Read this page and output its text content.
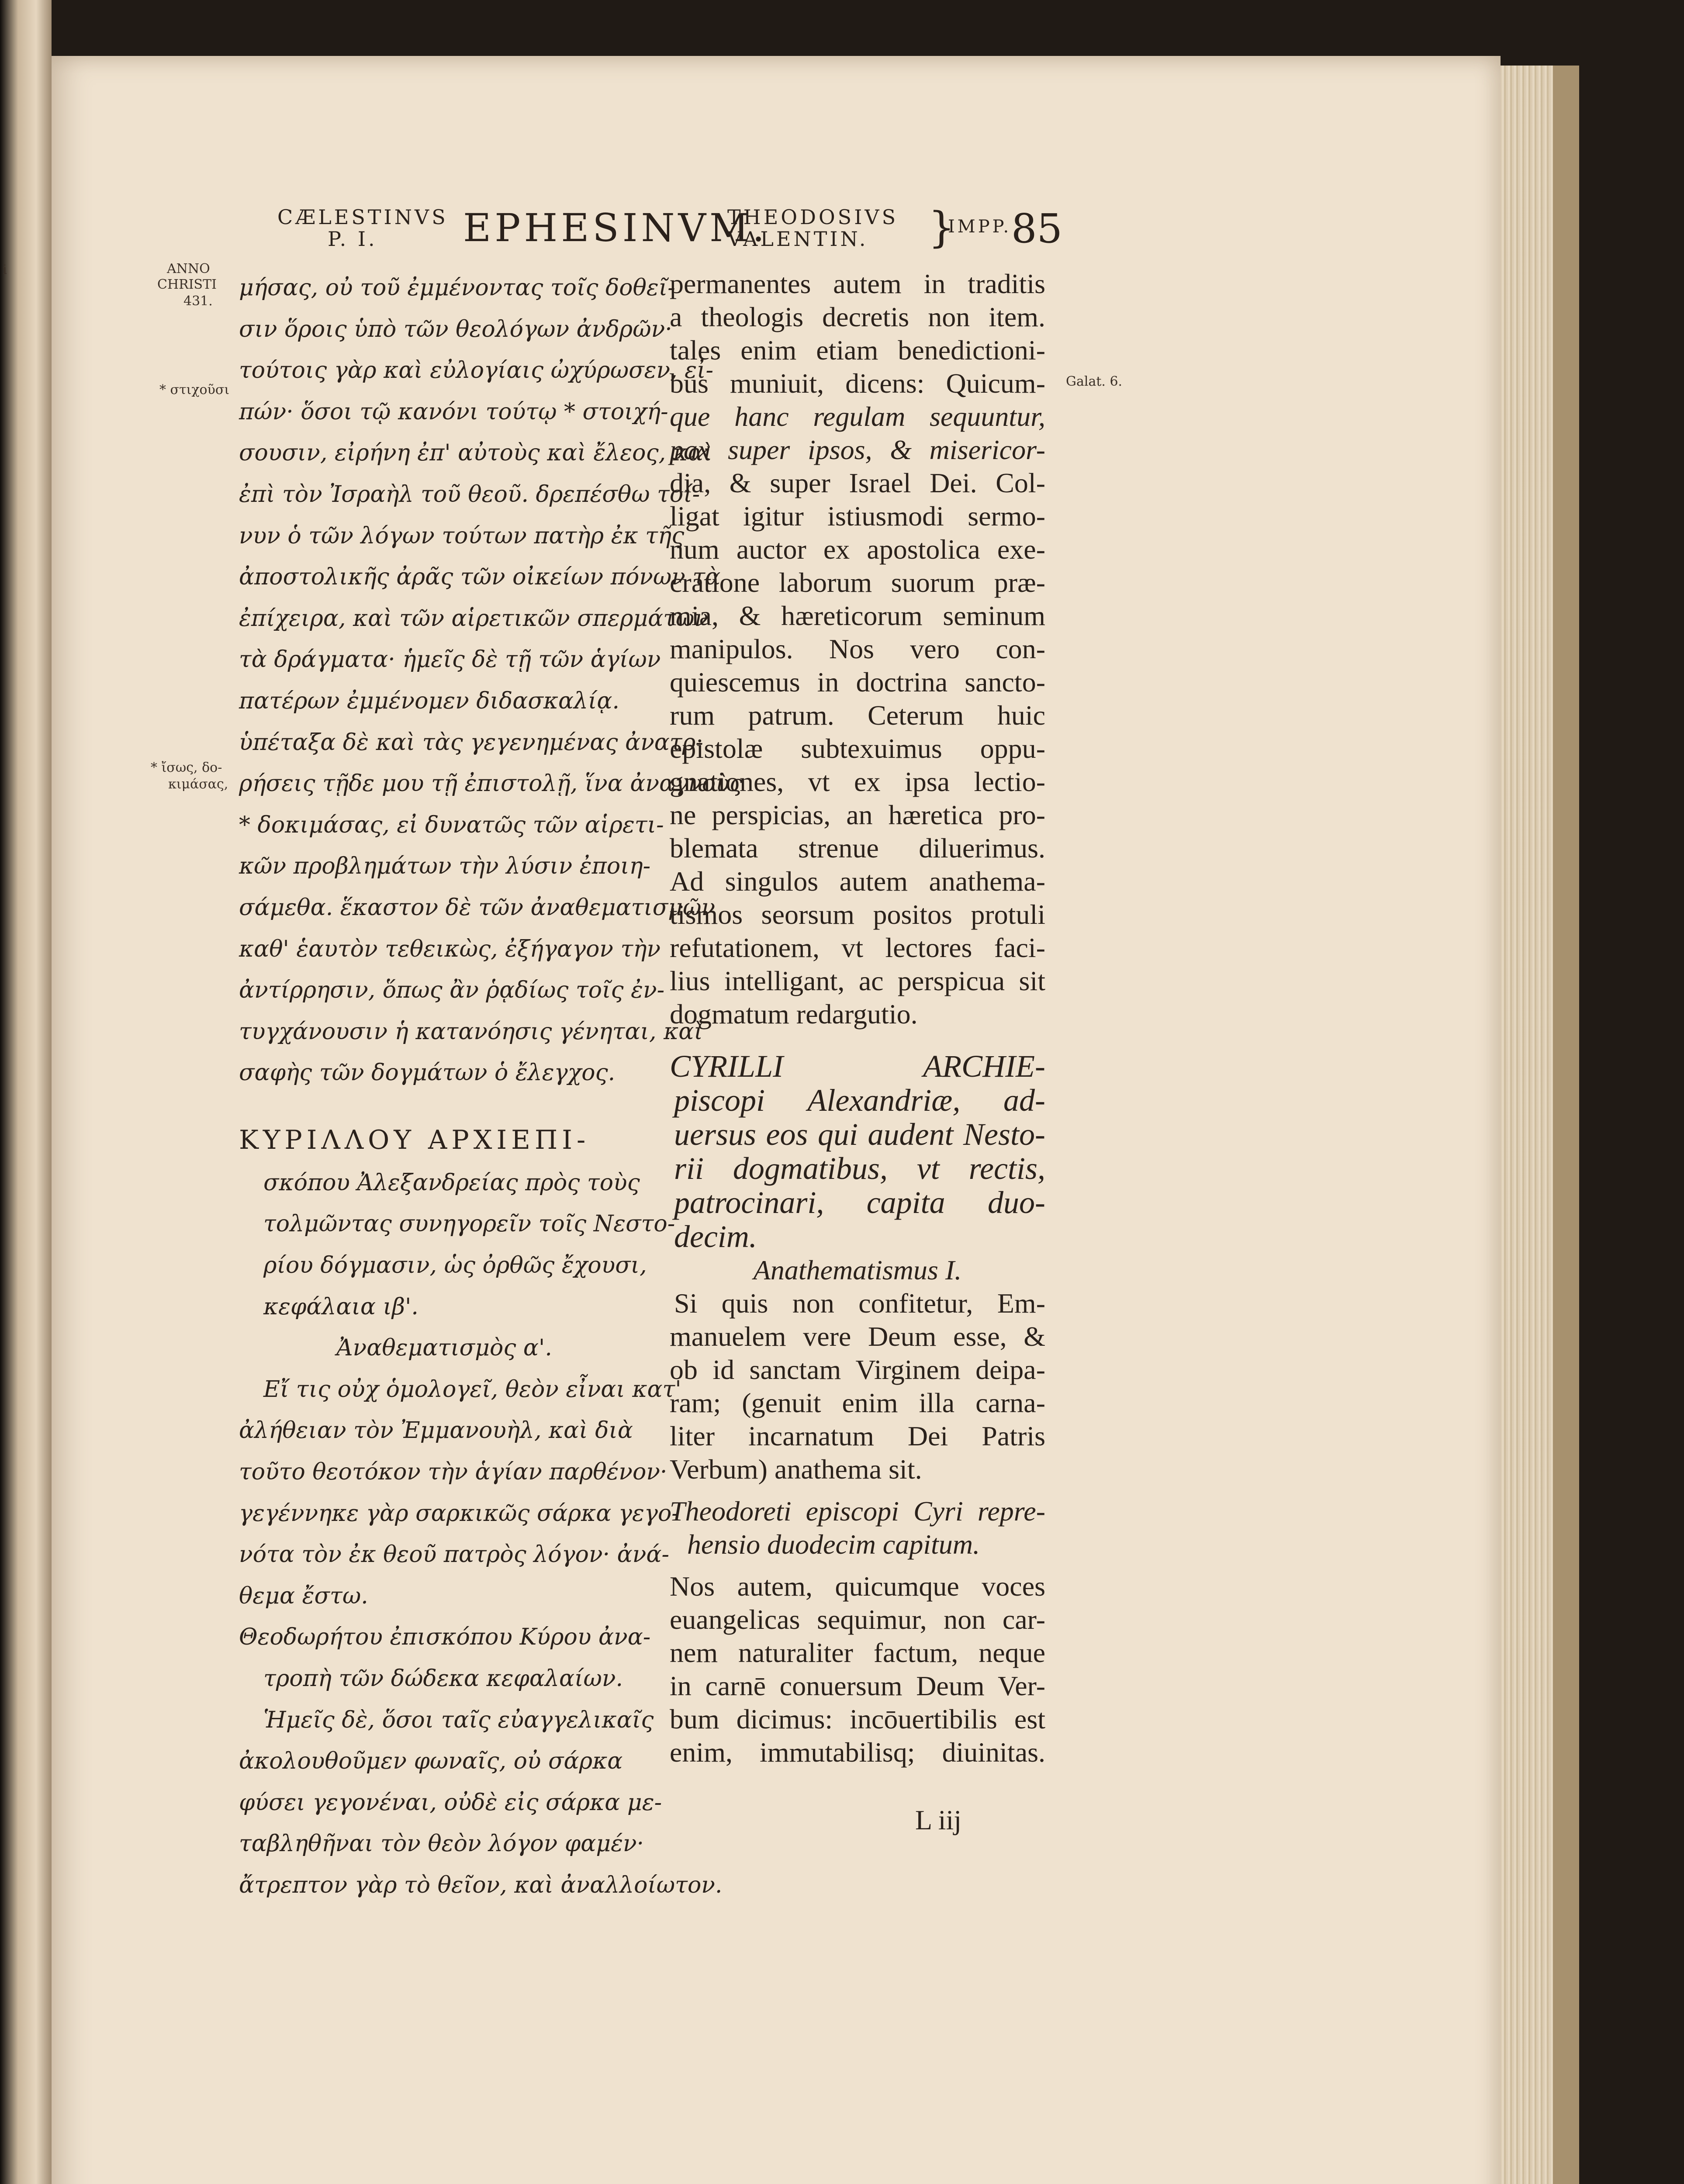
i
CÆLESTINVS
P. I. EPHESINVM.
THEODOSIVS
VALENTIN. }
IMPP. 85
ANNO
CHRISTI
431.
* στιχοῦσι
* ἴσως, δο-
κιμάσας,
Galat. 6.

μήσας, οὐ τοῦ ἐμμένοντας τοῖς δοθεῖ-

σιν ὅροις ὑπὸ τῶν θεολόγων ἀνδρῶν·

τούτοις γὰρ καὶ εὐλογίαις ὠχύρωσεν, εἰ-

πών· ὅσοι τῷ κανόνι τούτῳ * στοιχή-

σουσιν, εἰρήνη ἐπ' αὐτοὺς καὶ ἔλεος, καὶ

ἐπὶ τὸν Ἰσραὴλ τοῦ θεοῦ. δρεπέσθω τοί-

νυν ὁ τῶν λόγων τούτων πατὴρ ἐκ τῆς

ἀποστολικῆς ἀρᾶς τῶν οἰκείων πόνων τὰ

ἐπίχειρα, καὶ τῶν αἱρετικῶν σπερμάτων

τὰ δράγματα· ἡμεῖς δὲ τῇ τῶν ἁγίων

πατέρων ἐμμένομεν διδασκαλίᾳ.

ὑπέταξα δὲ καὶ τὰς γεγενημένας ἀνατρ-

ρήσεις τῇδε μου τῇ ἐπιστολῇ, ἵνα ἀναγνοὺς

* δοκιμάσας, εἰ δυνατῶς τῶν αἱρετι-

κῶν προβλημάτων τὴν λύσιν ἐποιη-

σάμεθα. ἕκαστον δὲ τῶν ἀναθεματισμῶν

καθ' ἑαυτὸν τεθεικὼς, ἐξήγαγον τὴν

ἀντίρρησιν, ὅπως ἂν ῥᾳδίως τοῖς ἐν-

τυγχάνουσιν ἡ κατανόησις γένηται, καὶ

σαφὴς τῶν δογμάτων ὁ ἔλεγχος.

ΚΥΡΙΛΛΟΥ ΑΡΧΙΕΠΙ-

σκόπου Ἀλεξανδρείας πρὸς τοὺς

τολμῶντας συνηγορεῖν τοῖς Νεστο-

ρίου δόγμασιν, ὡς ὀρθῶς ἔχουσι,

κεφάλαια ιβ'.

Ἀναθεματισμὸς α'.

Εἴ τις οὐχ ὁμολογεῖ, θεὸν εἶναι κατ'

ἀλήθειαν τὸν Ἐμμανουὴλ, καὶ διὰ

τοῦτο θεοτόκον τὴν ἁγίαν παρθένον·

γεγέννηκε γὰρ σαρκικῶς σάρκα γεγο-

νότα τὸν ἐκ θεοῦ πατρὸς λόγον· ἀνά-

θεμα ἔστω.

Θεοδωρήτου ἐπισκόπου Κύρου ἀνα-

τροπὴ τῶν δώδεκα κεφαλαίων.

Ἡμεῖς δὲ, ὅσοι ταῖς εὐαγγελικαῖς

ἀκολουθοῦμεν φωναῖς, οὐ σάρκα

φύσει γεγονέναι, οὐδὲ εἰς σάρκα με-

ταβληθῆναι τὸν θεὸν λόγον φαμέν·

ἄτρεπτον γὰρ τὸ θεῖον, καὶ ἀναλλοίωτον.

permanentes autem in traditis

a theologis decretis non item.

tales enim etiam benedictioni-

bus muniuit, dicens: Quicum-

que hanc regulam sequuntur,

pax super ipsos, & misericor-

dia, & super Israel Dei. Col-

ligat igitur istiusmodi sermo-

num auctor ex apostolica exe-

cratione laborum suorum præ-

mia, & hæreticorum seminum

manipulos. Nos vero con-

quiescemus in doctrina sancto-

rum patrum. Ceterum huic

epistolæ subtexuimus oppu-

gnationes, vt ex ipsa lectio-

ne perspicias, an hæretica pro-

blemata strenue diluerimus.

Ad singulos autem anathema-

tismos seorsum positos protuli

refutationem, vt lectores faci-

lius intelligant, ac perspicua sit

dogmatum redargutio.

CYRILLI ARCHIE-

piscopi Alexandriæ, ad-

uersus eos qui audent Nesto-

rii dogmatibus, vt rectis,

patrocinari, capita duo-

decim.

Anathematismus I.

Si quis non confitetur, Em-

manuelem vere Deum esse, &

ob id sanctam Virginem deipa-

ram; (genuit enim illa carna-

liter incarnatum Dei Patris

Verbum) anathema sit.

Theodoreti episcopi Cyri repre-

hensio duodecim capitum.

Nos autem, quicumque voces

euangelicas sequimur, non car-

nem naturaliter factum, neque

in carnē conuersum Deum Ver-

bum dicimus: incōuertibilis est

enim, immutabilisq; diuinitas.

L iij
